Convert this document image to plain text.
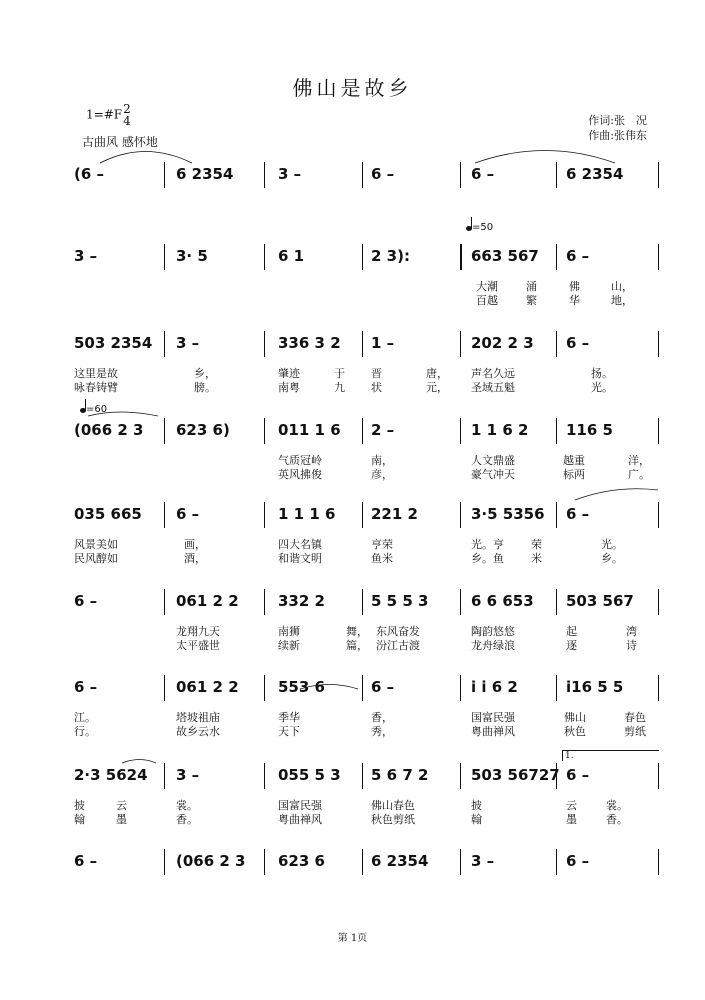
佛山是故乡
1=#F2
4
古曲风 感怀地
作词:张　况
作曲:张伟东
=50
=60
1.
(6 –	6 2354	3 –	6 –	6 –	6 2354
3 –	3· 5	6 1	2 3):	663 567 6 –
大潮	涌	佛	山，
百越	繁	华	地，
503 2354 3 –	336 3 2 1 –	202 2 3 6 –
这里是故	乡，	肇迹	于 晋	唐， 声名久远	扬。
咏春铸臂	膀。	南粤	九 状	元， 圣域五魁	光。
(066 2 3 623 6)	011 1 6 2 –	1 1 6 2	116 5
气质冠岭	南，	人文鼎盛	越重	洋，
英风拂俊	彦，	豪气冲天	标两	广。
035 665 6 –	1 1 1 6 221 2	3·5 5356 6 –
风景美如	画，	四大名镇	亨荣	光。亨 荣	光。
民风醇如	酒，	和谐文明	鱼米	乡。鱼 米	乡。
6 –	061 2 2	332 2	5 5 5 3	6 6 653 503 567
龙翔九天	南狮	舞， 东风奋发	陶韵悠悠	起	湾
太平盛世	续新	篇， 汾江古渡	龙舟绿浪	逐	诗
6 –	061 2 2	553 6	6 –	i i 6 2	i16 5 5
江。	塔坡祖庙	季华	香，	国富民强	佛山	春色
行。	故乡云水	天下	秀，	粤曲禅风	秋色	剪纸
2·3 5624 3 –	055 5 3 5 6 7 2	503 56727 6 –
披	云	裳。	国富民强	佛山春色	披	云	裳。
翰	墨	香。	粤曲禅风	秋色剪纸	翰	墨	香。
6 –	(066 2 3 623 6	6 2354	3 –	6 –
第 1页
